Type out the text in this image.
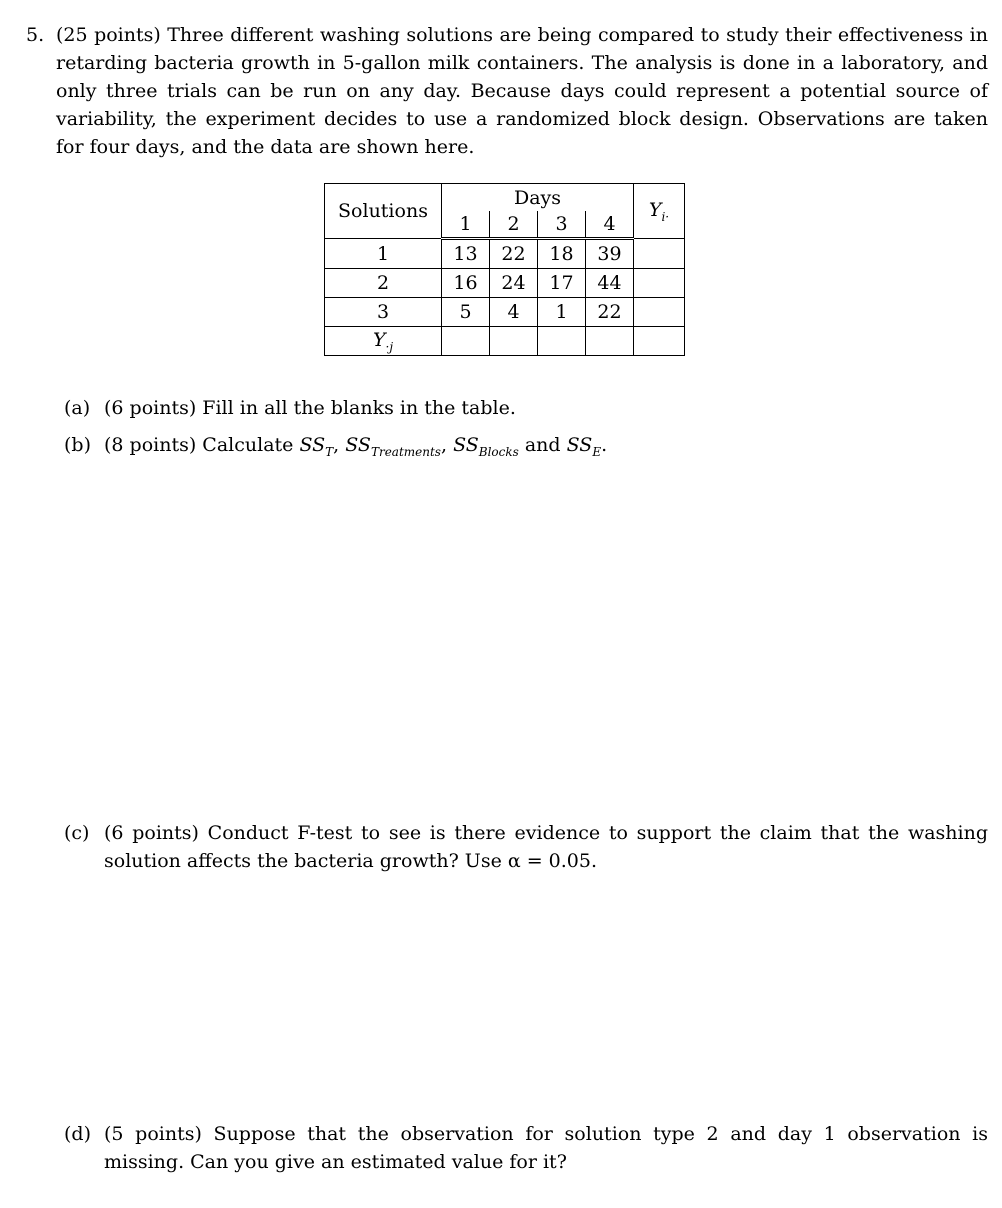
5. (25 points) Three different washing solutions are being compared to study their effectiveness in retarding bacteria growth in 5-gallon milk containers. The analysis is done in a laboratory, and only three trials can be run on any day. Because days could represent a potential source of variability, the experiment decides to use a randomized block design. Observations are taken for four days, and the data are shown here.

Solutions	Days				$Y_{i\cdot}$
	1	2	3	4	
1	13	22	18	39	
2	16	24	17	44	
3	5	4	1	22	
$Y_{\cdot j}$					
(a) (6 points) Fill in all the blanks in the table.
(b) (8 points) Calculate $SS_T$, $SS_{Treatments}$, $SS_{Blocks}$ and $SS_E$.
(c) (6 points) Conduct F-test to see is there evidence to support the claim that the washing solution affects the bacteria growth? Use α = 0.05.
(d) (5 points) Suppose that the observation for solution type 2 and day 1 observation is missing. Can you give an estimated value for it?
